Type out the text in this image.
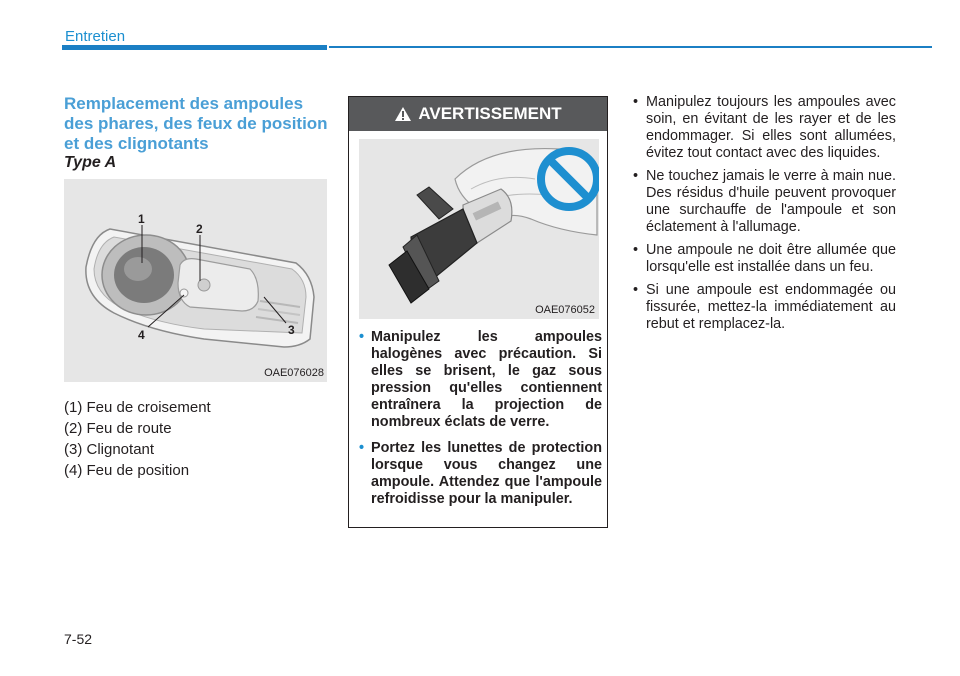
Entretien
Remplacement des ampoules des phares, des feux de position et des clignotants
Type A
1
2
3
4
OAE076028
(1) Feu de croisement
(2) Feu de route
(3) Clignotant
(4) Feu de position
AVERTISSEMENT
OAE076052
• Manipulez les ampoules halogènes avec précaution. Si elles se brisent, le gaz sous pression qu'elles contiennent entraînera la projection de nombreux éclats de verre.
• Portez les lunettes de protection lorsque vous changez une ampoule. Attendez que l'ampoule refroidisse pour la manipuler.
• Manipulez toujours les ampoules avec soin, en évitant de les rayer et de les endommager. Si elles sont allumées, évitez tout contact avec des liquides.
• Ne touchez jamais le verre à main nue. Des résidus d'huile peuvent provoquer une surchauffe de l'ampoule et son éclatement à l'allumage.
• Une ampoule ne doit être allumée que lorsqu'elle est installée dans un feu.
• Si une ampoule est endommagée ou fissurée, mettez-la immédiatement au rebut et remplacez-la.
7-52
